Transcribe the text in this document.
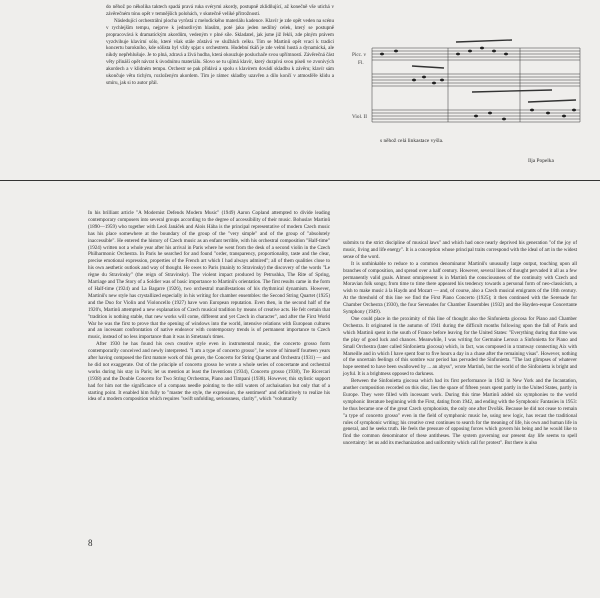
do něhož po několika taktech spadá pravá ruka svérymi akordy, postupně zklidňující, až konečně vše utichá v závěrečném tónu opět v temnějších polohách, v skutečně veliké přitrožnosti.

Následující orchestrální plocha vyrůstá z melodického materiálu kadence. Klavír je zde opět veden na scénu v rychlejším tempu, nejprve k jednotlivým hlasům, poté jako jeden nedílný celek, který se postupně propracovává k dramatickým akordům, vedeným v plné síle. Skladatel, jak jsme již řekli, zde plným právem vyzdvihuje klavírní sólo, které však stále zůstává ve službách celku. Tím se Martinů opět vrací k tradici koncertu barokního, kde sólista byl vždy spjat s orchestrem. Hudební tkáň je zde velmi hustá a dynamická, ale nikdy nepřehlušuje. Je to plná, zdravá a živá hudba, která okouzluje posluchače svou upřímností. Závěrečná část věty přináší opět návrat k úvodnímu materiálu. Slovo se tu ujímá klavír, který dozpívá svou píseň ve zvonivých akordech a v klidném tempu. Orchestr se pak přidává a spolu s klavírem dovádí skladbu k závěru; klavír sám ukončuje větu tichým, rozloženým akordem. Tím je rámec skladby uzavřen a dílo končí v atmosféře klidu a smíru, jak si to autor přál.

Picc. v
Fl.
Viol. II
s něhož celá linkastace vyšla.
Ilja Popelka

In his brilliant article "A Modernist Defends Modern Music" (1949) Aaron Copland attempted to divide leading contemporary composers into several groups according to the degree of accessibility of their music. Bohuslav Martinů (1890—1959) who together with Leoš Janáček and Alois Hába is the principal representative of modern Czech music has his place somewhere at the boundary of the group of the "very simple" and of the group of "absolutely inaccessible". He entered the history of Czech music as an enfant terrible, with his orchestral composition "Half-time" (1924) written not a whole year after his arrival in Paris where he went from the desk of a second violin in the Czech Philharmonic Orchestra. In Paris he searched for and found "order, transparency, proportionality, taste and the clear, precise emotional expression, properties of the French art which I had always admired"; all of them qualities close to his own aesthetic outlook and way of thought. He owes to Paris (mainly to Stravinsky) the discovery of the words "Le règne du Stravinsky" (the reign of Stravinsky). The violent impact produced by Petrushka, The Rite of Spring, Marriage and The Story of a Soldier was of basic importance to Martinů's orientation. The first results came in the form of Half-time (1924) and La Bagarre (1926), two orchestral manifestations of his rhythmical dynamism. However, Martinů's new style has crystallized especially in his writing for chamber ensembles: the Second String Quartet (1925) and the Duo for Violin and Violoncello (1927) have won European reputation. Even then, in the second half of the 1920's, Martinů attempted a new explanation of Czech musical tradition by means of creative acts. He felt certain that "tradition is nothing stable, that new works will come, different and yet Czech in character", and after the First World War he was the first to prove that the opening of windows into the world, intensive relations with European cultures and an incessant confrontation of native endeavor with contemporary trends is of permanent importance to Czech music, instead of no less importance than it was in Smetana's times.

After 1930 he has found his own creative style even in instrumental music, the concerto grosso form contemporarily conceived and newly interpreted. "I am a type of concerto grosso", he wrote of himself fourteen years after having composed the first mature work of this genre, the Concerto for String Quartet and Orchestra (1931) — and he did not exaggerate. Out of the principle of concerto grosso he wrote a whole series of concertante and orchestral works during his stay in Paris; let us mention at least the Inventions (1934), Concerto grosso (1938), Tre Ricercari (1938) and the Double Concerto for Two String Orchestras, Piano and Timpani (1938). However, this stylistic support had for him not the significance of a compass needle pointing to the still waters of archaisation but only that of a starting point. It enabled him fully to "master the style, the expression, the sentiment" and definitively to realize his idea of a modern composition which requires "swift unfolding, seriousness, clarity", which "voluntarily

submits to the strict discipline of musical laws" and which had once nearly deprived his generation "of the joy of music, living and life energy". It is a conception whose principal traits correspond with the ideal of art in the widest sense of the word.

It is unthinkable to reduce to a common denominator Martinů's unusually large output, touching upon all branches of composition, and spread over a half century. However, several lines of thought pervaded it all as a few permanently valid goals. Almost omnipresent is in Martinů the consciousness of the continuity with Czech and Moravian folk songs; from time to time there appeared his tendency towards a personal form of neo-classicism, a wish to make music à la Haydn and Mozart — and, of course, also a Czech musical emigrants of the 18th century. At the threshold of this line we find the First Piano Concerto (1925); it then continued with the Serenade for Chamber Orchestra (1930), the four Serenades for Chamber Ensembles (1932) and the Hayden-esque Concertante Symphony (1949).

One could place in the proximity of this line of thought also the Sinfonietta giocosa for Piano and Chamber Orchestra. It originated in the autumn of 1941 during the difficult months following upon the fall of Paris and which Martinů spent in the south of France before leaving for the United States: "Everything during that time was the play of good luck and chances. Meanwhile, I was writing for Germaine Leroux a Sinfonietta for Piano and Small Orchestra (later called Sinfonietta giocosa) which, in fact, was composed in a tramway connecting Aix with Marseille and in which I have spent four to five hours a day in a chase after the remaining visas". However, nothing of the uncertain feelings of this sombre war period has pervaded the Sinfonietta. "The last glimpses of whatever hope seemed to have been swallowed by ... an abyss", wrote Martinů, but the world of the Sinfonietta is bright and joyful. It is a brightness opposed to darkness.

Between the Sinfonietta giocosa which had its first performance in 1942 in New York and the Incantation, another composition recorded on this disc, lies the space of fifteen years spent partly in the United States, partly in Europe. They were filled with incessant work. During this time Martinů added six symphonies to the world symphonic literature beginning with the First, dating from 1942, and ending with the Symphonic Fantasies in 1953: he thus became one of the great Czech symphonists, the only one after Dvořák. Because he did not cease to remain "a type of concerto grosso" even in the field of symphonic music he, using new logic, has recast the traditional rules of symphonic writing; his creative crest continues to search for the meaning of life, his own and human life in general, and he seeks truth. He feels the pressure of opposing forces which govern his being and he would like to find the common denominator of these antitheses. The system governing our present day life seems to spell uncertainty: let us add its mechanization and uniformity which call for protest". But there is also

8
